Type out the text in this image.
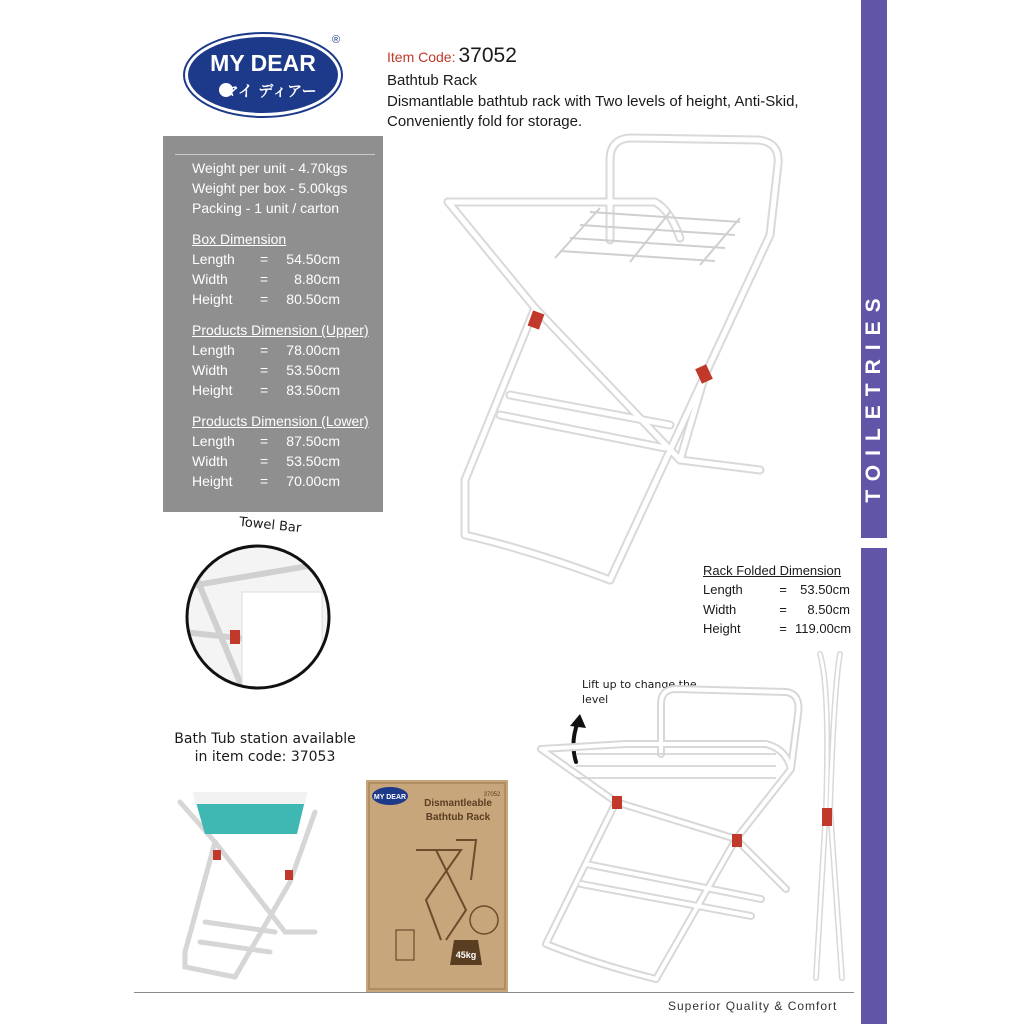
TOILETRIES
MY DEAR
マイ ディアー
®
Item Code: 37052
Bathtub Rack
Dismantlable bathtub rack with Two levels of height, Anti-Skid, Conveniently fold for storage.
Weight per unit - 4.70kgs
Weight per box - 5.00kgs
Packing - 1 unit / carton
Box Dimension
Length = 54.50cm
Width = 8.80cm
Height = 80.50cm
Products Dimension (Upper)
Length = 78.00cm
Width = 53.50cm
Height = 83.50cm
Products Dimension (Lower)
Length = 87.50cm
Width = 53.50cm
Height = 70.00cm
Rack Folded Dimension
Length	= 53.50cm
Width	= 8.50cm
Height	= 119.00cm
Towel Bar
Bath Tub station available
in item code: 37053
MY DEAR
Dismantleable
Bathtub Rack
37052
45kg
Lift up to change the level
Superior Quality & Comfort
